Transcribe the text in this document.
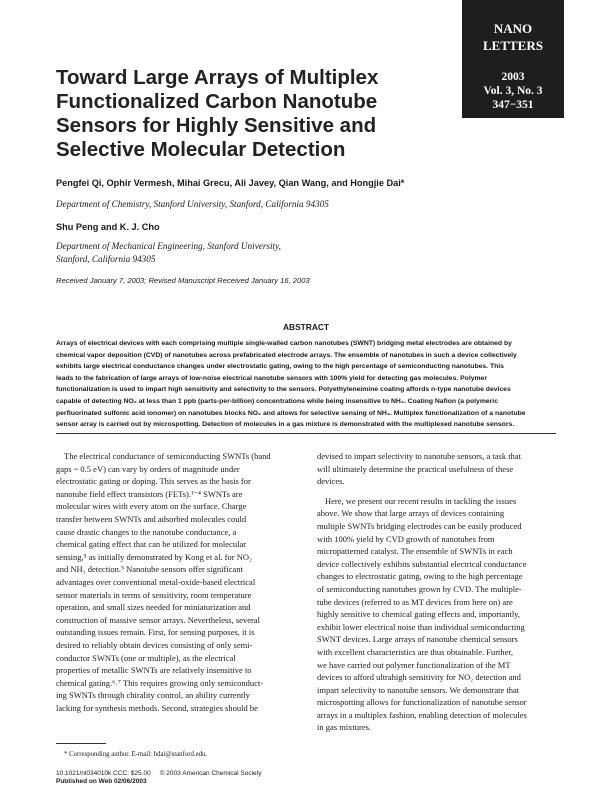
NANO
LETTERS
2003
Vol. 3, No. 3
347−351
Toward Large Arrays of Multiplex
Functionalized Carbon Nanotube
Sensors for Highly Sensitive and
Selective Molecular Detection
Pengfei Qi, Ophir Vermesh, Mihai Grecu, Ali Javey, Qian Wang, and Hongjie Dai*
Department of Chemistry, Stanford University, Stanford, California 94305
Shu Peng and K. J. Cho
Department of Mechanical Engineering, Stanford University,
Stanford, California 94305
Received January 7, 2003; Revised Manuscript Received January 16, 2003
ABSTRACT
Arrays of electrical devices with each comprising multiple single-walled carbon nanotubes (SWNT) bridging metal electrodes are obtained by
chemical vapor deposition (CVD) of nanotubes across prefabricated electrode arrays. The ensemble of nanotubes in such a device collectively
exhibits large electrical conductance changes under electrostatic gating, owing to the high percentage of semiconducting nanotubes. This
leads to the fabrication of large arrays of low-noise electrical nanotube sensors with 100% yield for detecting gas molecules. Polymer
functionalization is used to impart high sensitivity and selectivity to the sensors. Polyethyleneimine coating affords n-type nanotube devices
capable of detecting NO₂ at less than 1 ppb (parts-per-billion) concentrations while being insensitive to NH₃. Coating Nafion (a polymeric
perfluorinated sulfonic acid ionomer) on nanotubes blocks NO₂ and allows for selective sensing of NH₃. Multiplex functionalization of a nanotube
sensor array is carried out by microspotting. Detection of molecules in a gas mixture is demonstrated with the multiplexed nanotube sensors.
The electrical conductance of semiconducting SWNTs (band
gaps ~ 0.5 eV) can vary by orders of magnitude under
electrostatic gating or doping. This serves as the basis for
nanotube field effect transistors (FETs).¹⁻⁴ SWNTs are
molecular wires with every atom on the surface. Charge
transfer between SWNTs and adsorbed molecules could
cause drastic changes to the nanotube conductance, a
chemical gating effect that can be utilized for molecular
sensing,⁵ as initially demonstrated by Kong et al. for NO₂
and NH₃ detection.⁵ Nanotube sensors offer significant
advantages over conventional metal-oxide-based electrical
sensor materials in terms of sensitivity, room temperature
operation, and small sizes needed for miniaturization and
construction of massive sensor arrays. Nevertheless, several
outstanding issues remain. First, for sensing purposes, it is
desired to reliably obtain devices consisting of only semi-
conductor SWNTs (one or multiple), as the electrical
properties of metallic SWNTs are relatively insensitive to
chemical gating.⁶˒⁷ This requires growing only semiconduct-
ing SWNTs through chirality control, an ability currently
lacking for synthesis methods. Second, strategies should be
devised to impart selectivity to nanotube sensors, a task that
will ultimately determine the practical usefulness of these
devices.
Here, we present our recent results in tackling the issues
above. We show that large arrays of devices containing
multiple SWNTs bridging electrodes can be easily produced
with 100% yield by CVD growth of nanotubes from
micropatterned catalyst. The ensemble of SWNTs in each
device collectively exhibits substantial electrical conductance
changes to electrostatic gating, owing to the high percentage
of semiconducting nanotubes grown by CVD. The multiple-
tube devices (referred to as MT devices from here on) are
highly sensitive to chemical gating effects and, importantly,
exhibit lower electrical noise than individual semiconducting
SWNT devices. Large arrays of nanotube chemical sensors
with excellent characteristics are thus obtainable. Further,
we have carried out polymer functionalization of the MT
devices to afford ultrahigh sensitivity for NO₂ detection and
impart selectivity to nanotube sensors. We demonstrate that
microspotting allows for functionalization of nanotube sensor
arrays in a multiplex fashion, enabling detection of molecules
in gas mixtures.
* Corresponding author. E-mail: hdai@stanford.edu.
10.1021/nl034010k CCC: $25.00     © 2003 American Chemical Society
Published on Web 02/06/2003
